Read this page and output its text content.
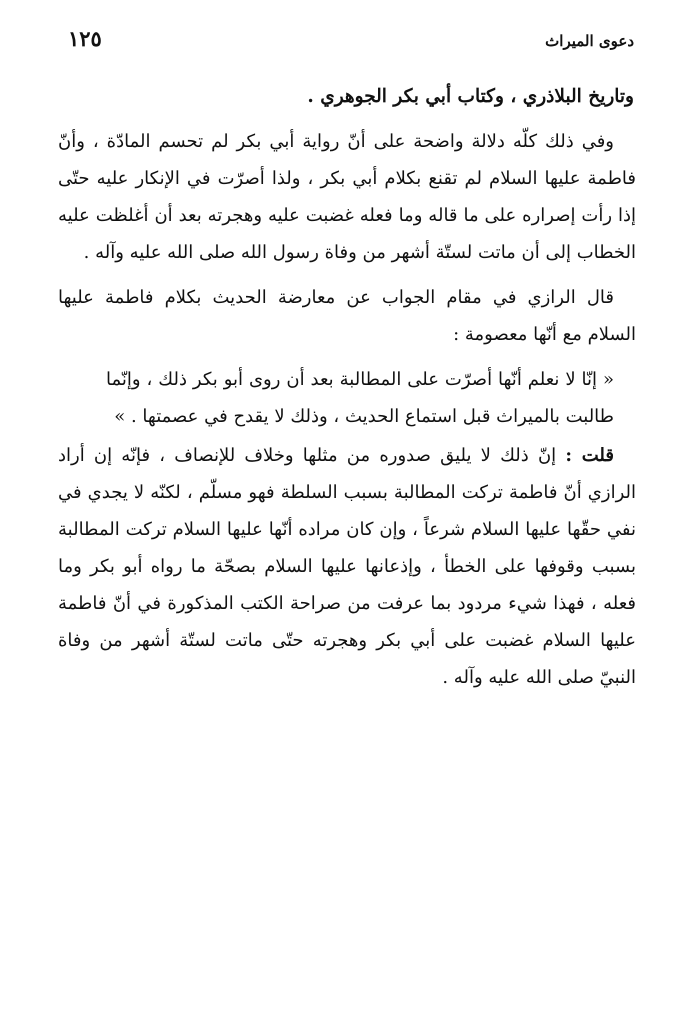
دعوى الميراث
١٢٥

وتاريخ البلاذري ، وكتاب أبي بكر الجوهري .

وفي ذلك كلّه دلالة واضحة على أنّ رواية أبي بكر لم تحسم المادّة ، وأنّ فاطمة عليها السلام لم تقنع بكلام أبي بكر ، ولذا أصرّت في الإنكار عليه حتّى إذا رأت إصراره على ما قاله وما فعله غضبت عليه وهجرته بعد أن أغلظت عليه الخطاب إلى أن ماتت لستّة أشهر من وفاة رسول الله صلى الله عليه وآله .

قال الرازي في مقام الجواب عن معارضة الحديث بكلام فاطمة عليها السلام مع أنّها معصومة :

« إنّا لا نعلم أنّها أصرّت على المطالبة بعد أن روى أبو بكر ذلك ، وإنّما طالبت بالميراث قبل استماع الحديث ، وذلك لا يقدح في عصمتها . »

قلت : إنّ ذلك لا يليق صدوره من مثلها وخلاف للإنصاف ، فإنّه إن أراد الرازي أنّ فاطمة تركت المطالبة بسبب السلطة فهو مسلّم ، لكنّه لا يجدي في نفي حقّها عليها السلام شرعاً ، وإن كان مراده أنّها عليها السلام تركت المطالبة بسبب وقوفها على الخطأ ، وإذعانها عليها السلام بصحّة ما رواه أبو بكر وما فعله ، فهذا شيء مردود بما عرفت من صراحة الكتب المذكورة في أنّ فاطمة عليها السلام غضبت على أبي بكر وهجرته حتّى ماتت لستّة أشهر من وفاة النبيّ صلى الله عليه وآله .
